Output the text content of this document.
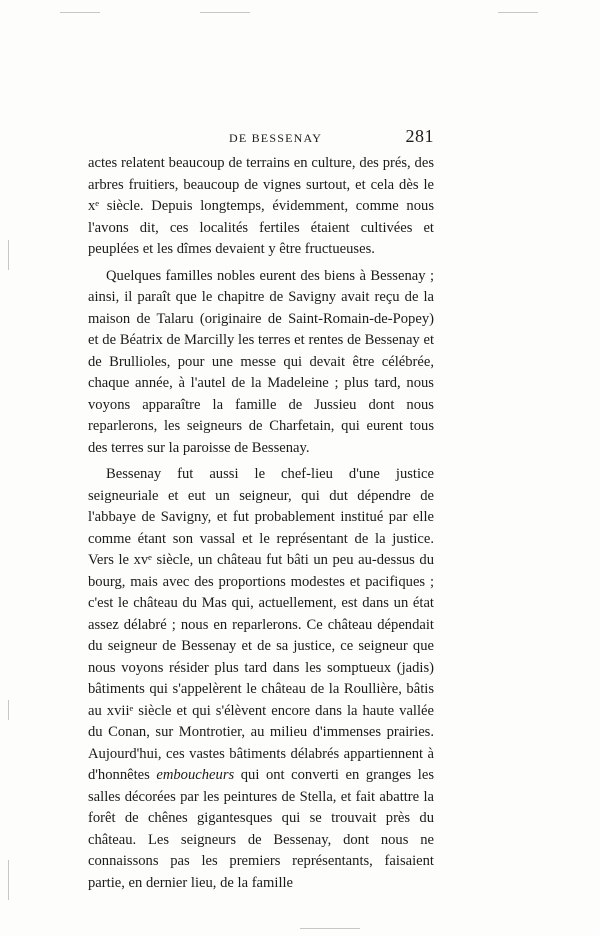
DE BESSENAY	281

actes relatent beaucoup de terrains en culture, des prés, des arbres fruitiers, beaucoup de vignes surtout, et cela dès le xᵉ siècle. Depuis longtemps, évidemment, comme nous l'avons dit, ces localités fertiles étaient cultivées et peuplées et les dîmes devaient y être fructueuses.

Quelques familles nobles eurent des biens à Bessenay ; ainsi, il paraît que le chapitre de Savigny avait reçu de la maison de Talaru (originaire de Saint-Romain-de-Popey) et de Béatrix de Marcilly les terres et rentes de Bessenay et de Brullioles, pour une messe qui devait être célébrée, chaque année, à l'autel de la Madeleine ; plus tard, nous voyons apparaître la famille de Jussieu dont nous reparlerons, les seigneurs de Charfetain, qui eurent tous des terres sur la paroisse de Bessenay.

Bessenay fut aussi le chef-lieu d'une justice seigneuriale et eut un seigneur, qui dut dépendre de l'abbaye de Savigny, et fut probablement institué par elle comme étant son vassal et le représentant de la justice. Vers le xvᵉ siècle, un château fut bâti un peu au-dessus du bourg, mais avec des proportions modestes et pacifiques ; c'est le château du Mas qui, actuellement, est dans un état assez délabré ; nous en reparlerons. Ce château dépendait du seigneur de Bessenay et de sa justice, ce seigneur que nous voyons résider plus tard dans les somptueux (jadis) bâtiments qui s'appelèrent le château de la Roullière, bâtis au xviiᵉ siècle et qui s'élèvent encore dans la haute vallée du Conan, sur Montrotier, au milieu d'immenses prairies. Aujourd'hui, ces vastes bâtiments délabrés appartiennent à d'honnêtes emboucheurs qui ont converti en granges les salles décorées par les peintures de Stella, et fait abattre la forêt de chênes gigantesques qui se trouvait près du château. Les seigneurs de Bessenay, dont nous ne connaissons pas les premiers représentants, faisaient partie, en dernier lieu, de la famille
